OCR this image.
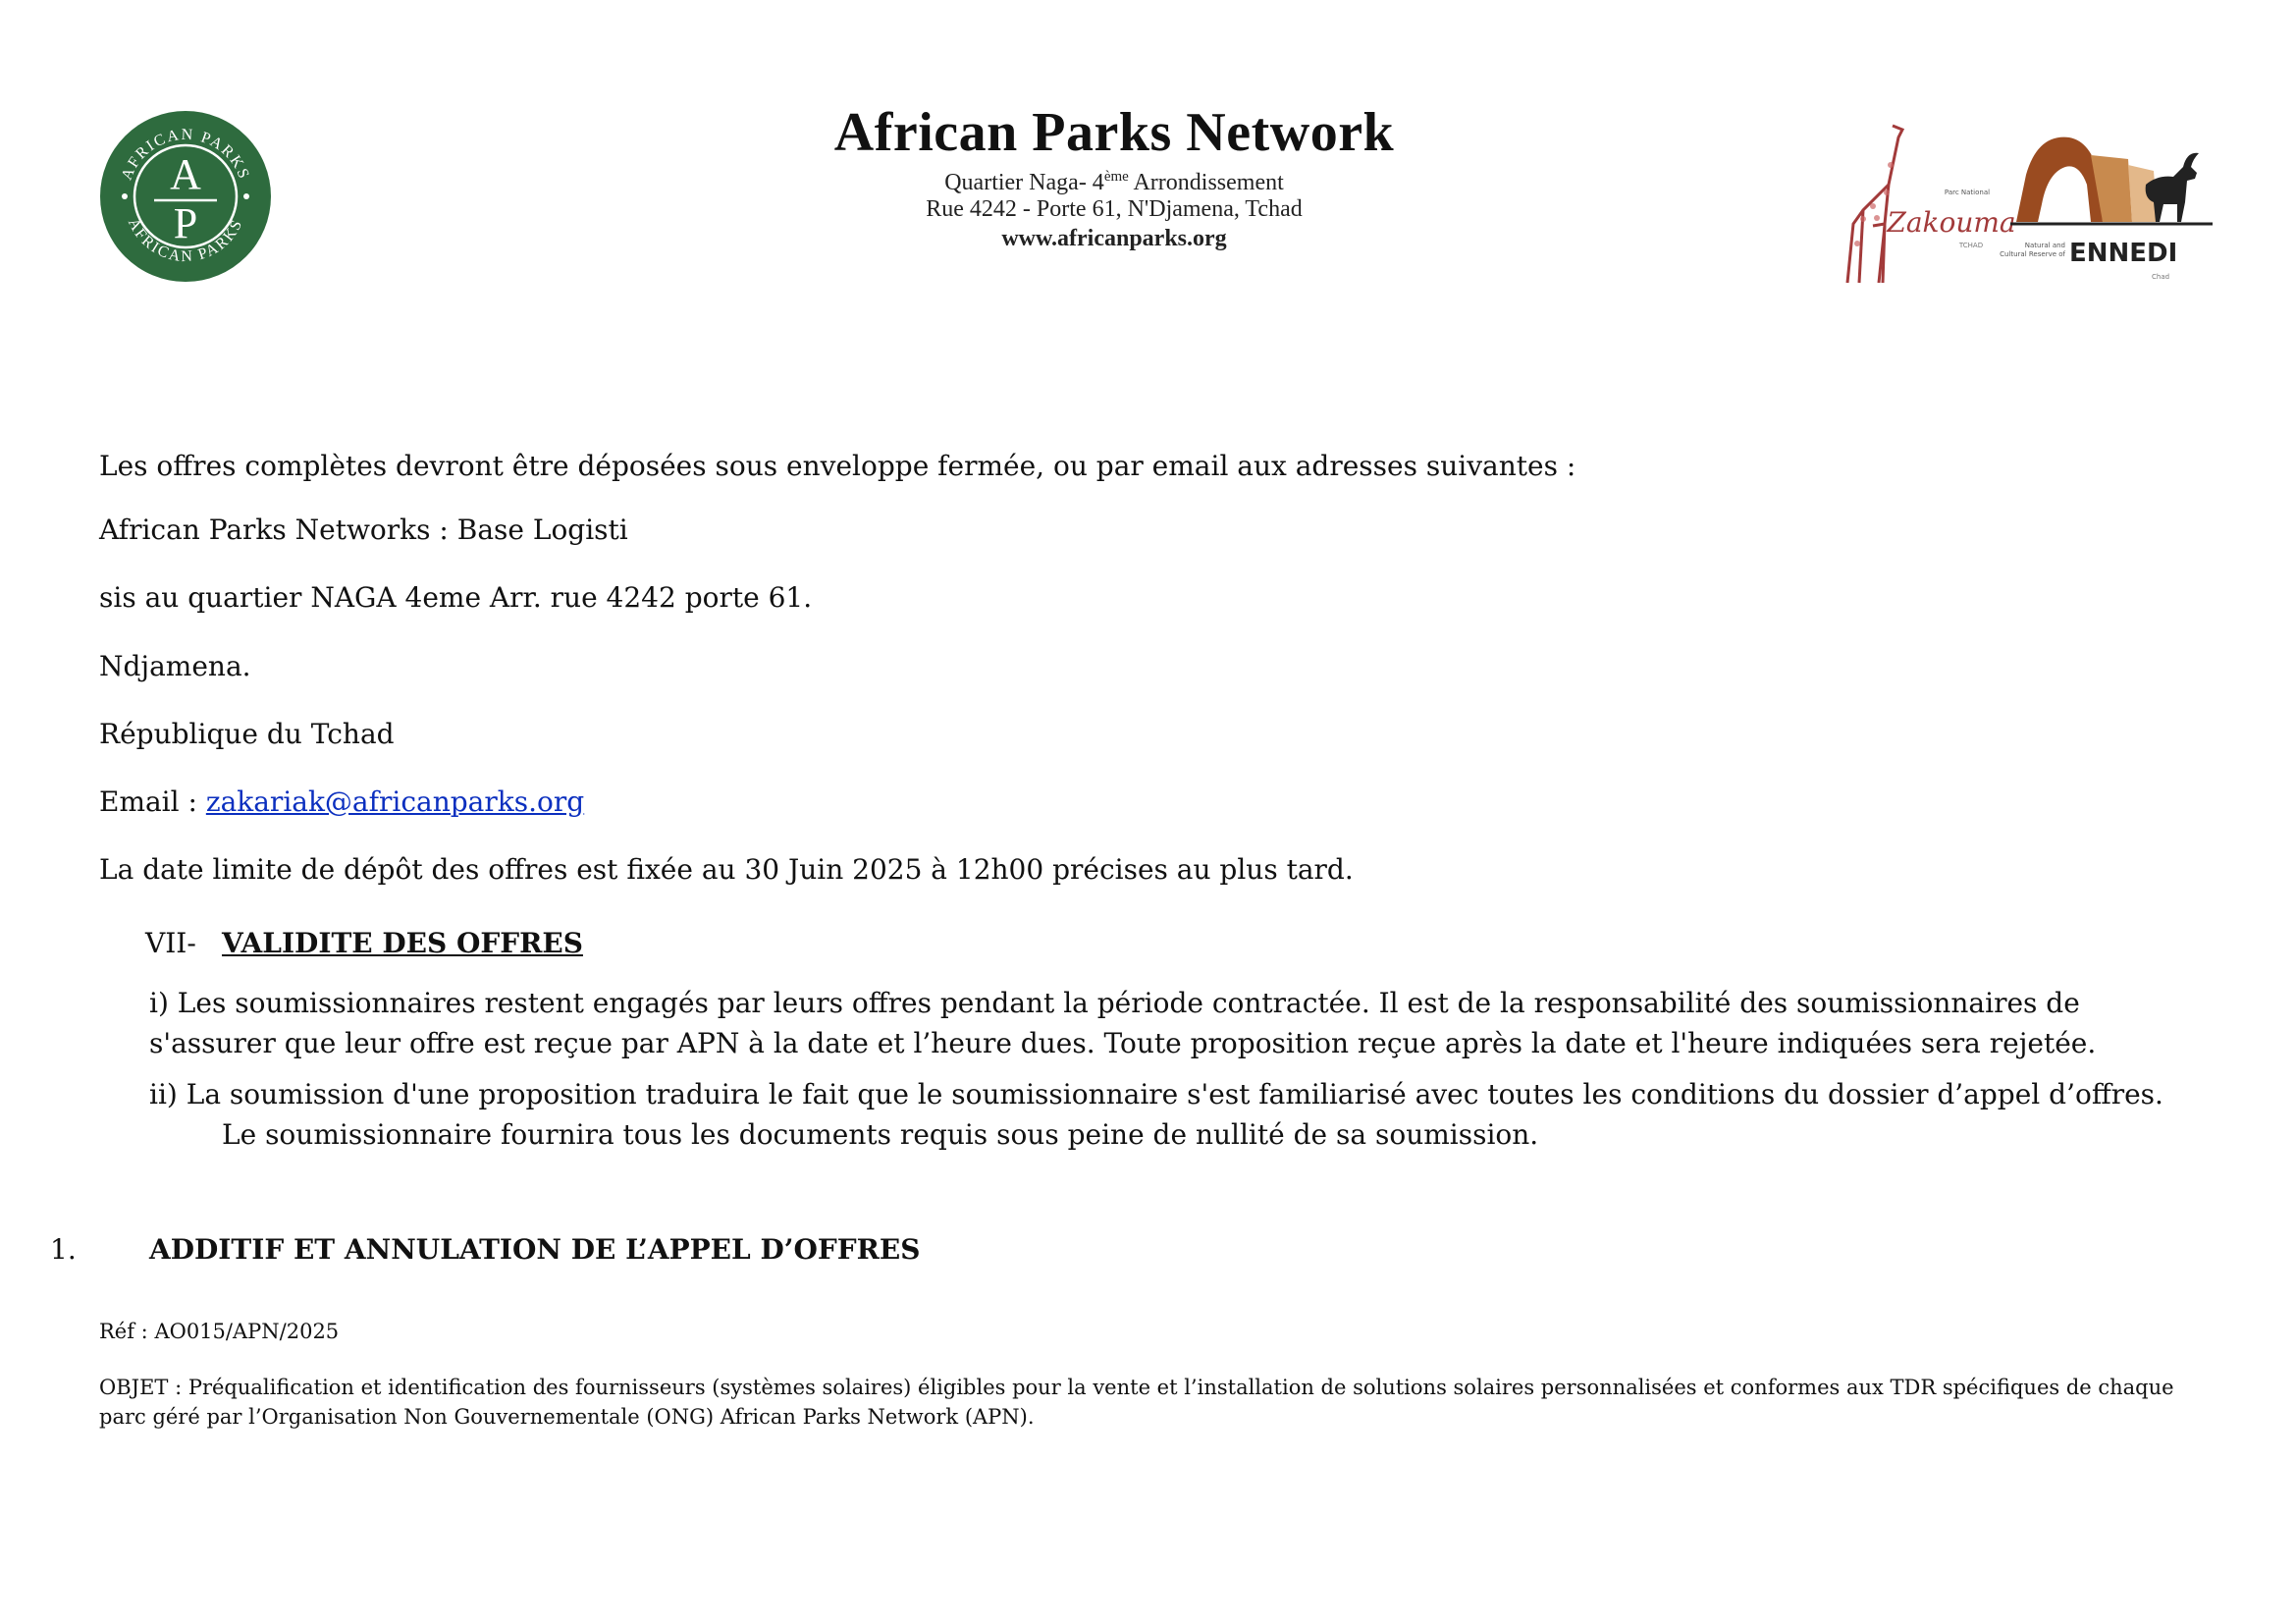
AFRICAN PARKS
AFRICAN PARKS
A
P
African Parks Network
Quartier Naga- 4ème Arrondissement
Rue 4242 - Porte 61, N'Djamena, Tchad
www.africanparks.org
Parc National
Zakouma
TCHAD	Natural and
Cultural Reserve of ENNEDI
Chad
Les offres complètes devront être déposées sous enveloppe fermée, ou par email aux adresses suivantes :
African Parks Networks : Base Logisti
sis au quartier NAGA 4eme Arr. rue 4242 porte 61.
Ndjamena.
République du Tchad
Email : zakariak@africanparks.org
La date limite de dépôt des offres est fixée au 30 Juin 2025 à 12h00 précises au plus tard.
VII- VALIDITE DES OFFRES
i) Les soumissionnaires restent engagés par leurs offres pendant la période contractée. Il est de la responsabilité des soumissionnaires de s'assurer que leur offre est reçue par APN à la date et l’heure dues. Toute proposition reçue après la date et l'heure indiquées sera rejetée.
ii) La soumission d'une proposition traduira le fait que le soumissionnaire s'est familiarisé avec toutes les conditions du dossier d’appel d’offres. Le soumissionnaire fournira tous les documents requis sous peine de nullité de sa soumission.
1.	ADDITIF ET ANNULATION DE L’APPEL D’OFFRES
Réf : AO015/APN/2025
OBJET : Préqualification et identification des fournisseurs (systèmes solaires) éligibles pour la vente et l’installation de solutions solaires personnalisées et conformes aux TDR spécifiques de chaque parc géré par l’Organisation Non Gouvernementale (ONG) African Parks Network (APN).
